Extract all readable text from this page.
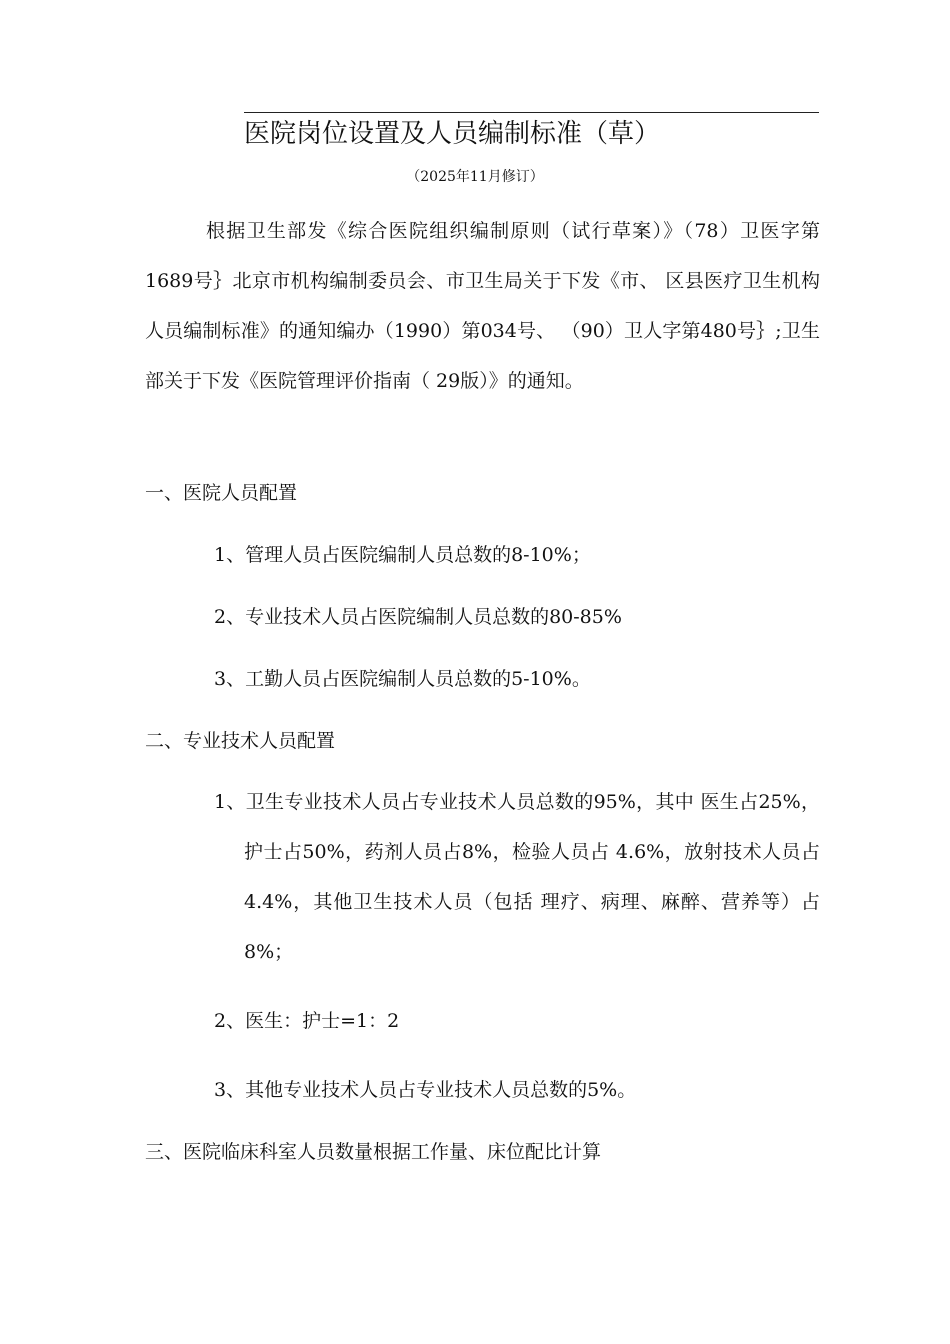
医院岗位设置及人员编制标准（草）
（2025年11月修订）

根据卫生部发《综合医院组织编制原则（试行草案）》（78）卫医字第1689号｝北京市机构编制委员会、市卫生局关于下发《市、 区县医疗卫生机构人员编制标准》的通知编办（1990）第034号、 （90）卫人字第480号｝;卫生部关于下发《医院管理评价指南（ 29版）》的通知。

一、医院人员配置
1、管理人员占医院编制人员总数的8-10%；
2、专业技术人员占医院编制人员总数的80-85%
3、工勤人员占医院编制人员总数的5-10%。
二、专业技术人员配置

1、卫生专业技术人员占专业技术人员总数的95%，其中 医生占25%，护士占50%，药剂人员占8%，检验人员占 4.6%，放射技术人员占4.4%，其他卫生技术人员（包括 理疗、病理、麻醉、营养等）占8%；

2、医生：护士=1：2
3、其他专业技术人员占专业技术人员总数的5%。
三、医院临床科室人员数量根据工作量、床位配比计算
